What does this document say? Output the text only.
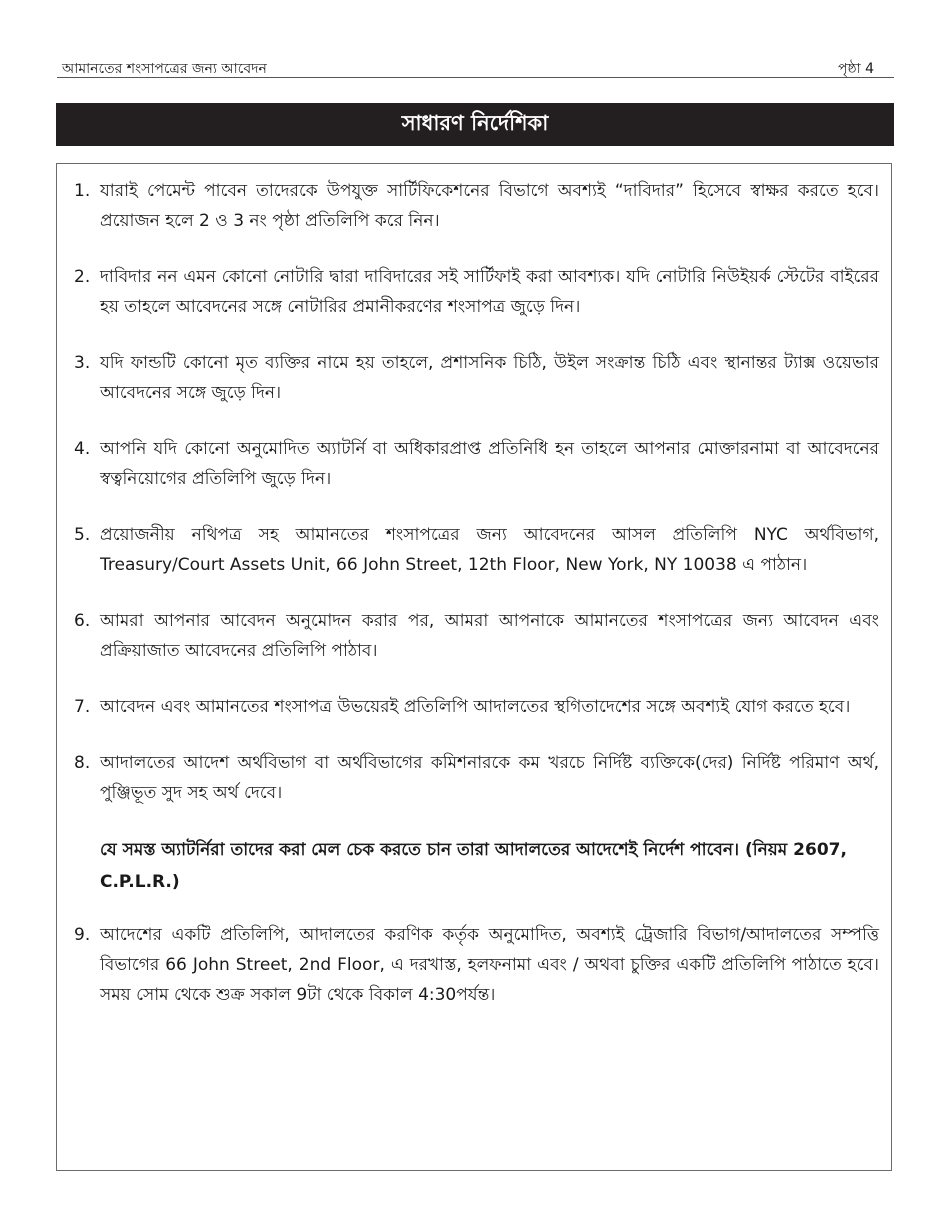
আমানতের শংসাপত্রের জন্য আবেদন	পৃষ্ঠা 4
সাধারণ নির্দেশিকা
1. যারাই পেমেন্ট পাবেন তাদেরকে উপযুক্ত সার্টিফিকেশনের বিভাগে অবশ্যই “দাবিদার” হিসেবে স্বাক্ষর করতে হবে। প্রয়োজন হলে 2 ও 3 নং পৃষ্ঠা প্রতিলিপি করে নিন।
2. দাবিদার নন এমন কোনো নোটারি দ্বারা দাবিদারের সই সার্টিফাই করা আবশ্যক। যদি নোটারি নিউইয়র্ক স্টেটের বাইরের হয় তাহলে আবেদনের সঙ্গে নোটারির প্রমানীকরণের শংসাপত্র জুড়ে দিন।
3. যদি ফান্ডটি কোনো মৃত ব্যক্তির নামে হয় তাহলে, প্রশাসনিক চিঠি, উইল সংক্রান্ত চিঠি এবং স্থানান্তর ট্যাক্স ওয়েভার আবেদনের সঙ্গে জুড়ে দিন।
4. আপনি যদি কোনো অনুমোদিত অ্যাটর্নি বা অধিকারপ্রাপ্ত প্রতিনিধি হন তাহলে আপনার মোক্তারনামা বা আবেদনের স্বত্বনিয়োগের প্রতিলিপি জুড়ে দিন।
5. প্রয়োজনীয় নথিপত্র সহ আমানতের শংসাপত্রের জন্য আবেদনের আসল প্রতিলিপি NYC অর্থবিভাগ, Treasury/Court Assets Unit, 66 John Street, 12th Floor, New York, NY 10038 এ পাঠান।
6. আমরা আপনার আবেদন অনুমোদন করার পর, আমরা আপনাকে আমানতের শংসাপত্রের জন্য আবেদন এবং প্রক্রিয়াজাত আবেদনের প্রতিলিপি পাঠাব।
7. আবেদন এবং আমানতের শংসাপত্র উভয়েরই প্রতিলিপি আদালতের স্থগিতাদেশের সঙ্গে অবশ্যই যোগ করতে হবে।
8. আদালতের আদেশ অর্থবিভাগ বা অর্থবিভাগের কমিশনারকে কম খরচে নির্দিষ্ট ব্যক্তিকে(দের) নির্দিষ্ট পরিমাণ অর্থ, পুঞ্জিভূত সুদ সহ অর্থ দেবে।
যে সমস্ত অ্যাটর্নিরা তাদের করা মেল চেক করতে চান তারা আদালতের আদেশেই নির্দেশ পাবেন। (নিয়ম 2607, C.P.L.R.)
9. আদেশের একটি প্রতিলিপি, আদালতের করণিক কর্তৃক অনুমোদিত, অবশ্যই ট্রেজারি বিভাগ/আদালতের সম্পত্তি বিভাগের 66 John Street, 2nd Floor, এ দরখাস্ত, হলফনামা এবং / অথবা চুক্তির একটি প্রতিলিপি পাঠাতে হবে। সময় সোম থেকে শুক্র সকাল 9টা থেকে বিকাল 4:30পর্যন্ত।
